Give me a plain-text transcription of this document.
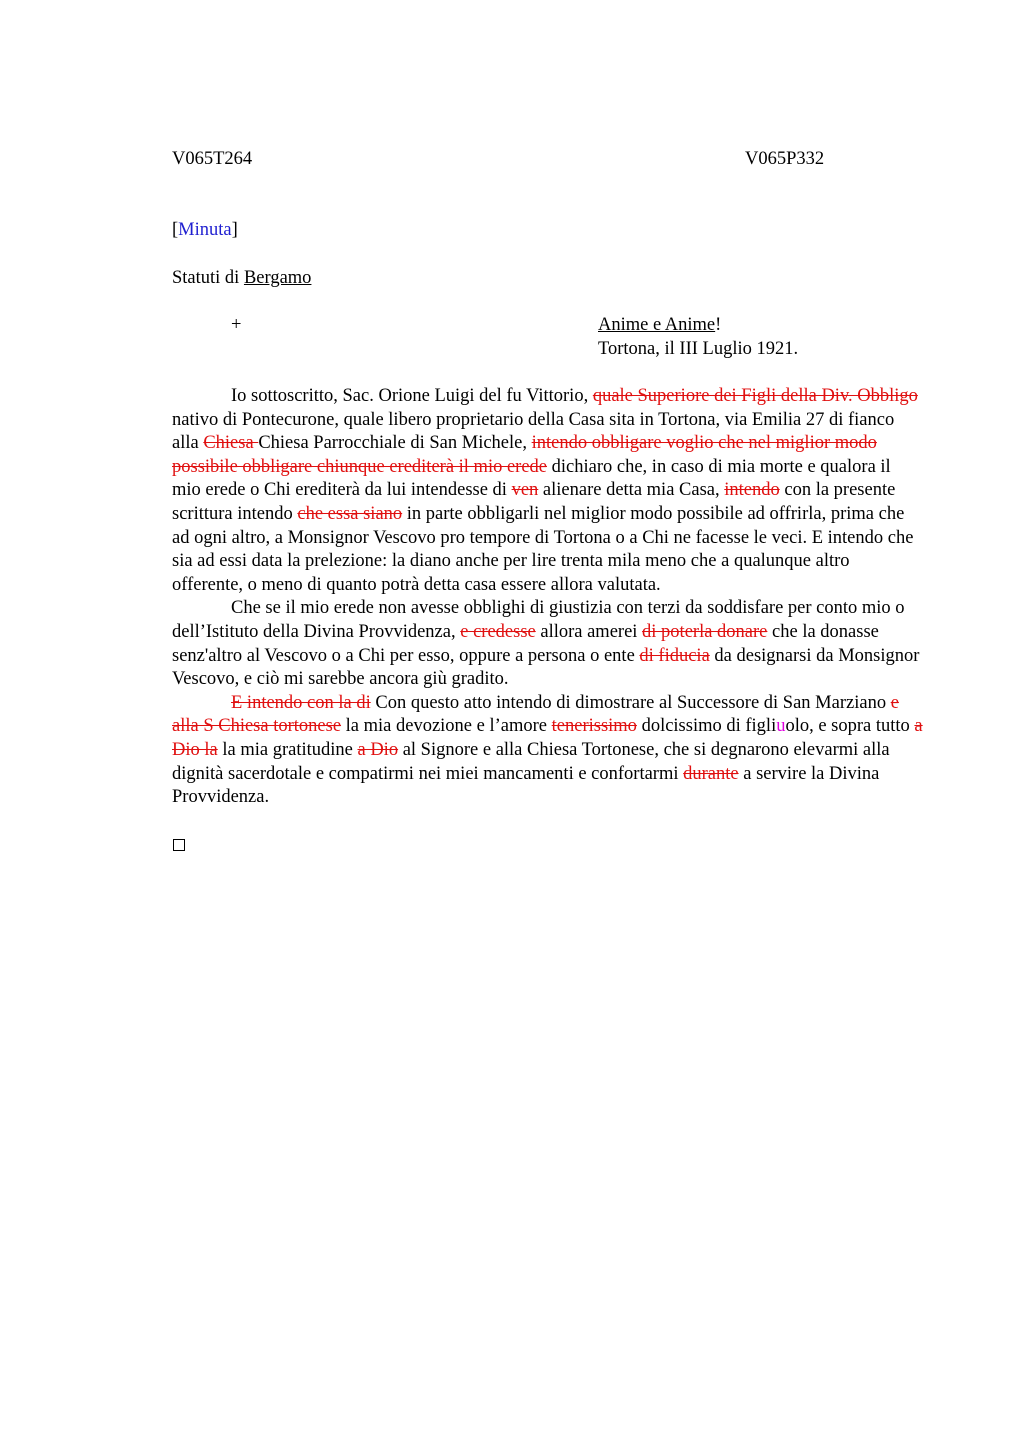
V065T264	V065P332
[Minuta]
Statuti di Bergamo
+	Anime e Anime!
Tortona, il III Luglio 1921.

Io sottoscritto, Sac. Orione Luigi del fu Vittorio, quale Superiore dei Figli della Div. Obbligo nativo di Pontecurone, quale libero proprietario della Casa sita in Tortona, via Emilia 27 di fianco alla Chiesa Chiesa Parrocchiale di San Michele, intendo obbligare voglio che nel miglior modo possibile obbligare chiunque erediterà il mio erede dichiaro che, in caso di mia morte e qualora il mio erede o Chi erediterà da lui intendesse di ven alienare detta mia Casa, intendo con la presente scrittura intendo che essa siano in parte obbligarli nel miglior modo possibile ad offrirla, prima che ad ogni altro, a Monsignor Vescovo pro tempore di Tortona o a Chi ne facesse le veci. E intendo che sia ad essi data la prelezione: la diano anche per lire trenta mila meno che a qualunque altro offerente, o meno di quanto potrà detta casa essere allora valutata.

Che se il mio erede non avesse obblighi di giustizia con terzi da soddisfare per conto mio o dell’Istituto della Divina Provvidenza, e credesse allora amerei di poterla donare che la donasse senz'altro al Vescovo o a Chi per esso, oppure a persona o ente di fiducia da designarsi da Monsignor Vescovo, e ciò mi sarebbe ancora giù gradito.

E intendo con la di Con questo atto intendo di dimostrare al Successore di San Marziano e alla S Chiesa tortonese la mia devozione e l’amore tenerissimo dolcissimo di figliuolo, e sopra tutto a Dio la la mia gratitudine a Dio al Signore e alla Chiesa Tortonese, che si degnarono elevarmi alla dignità sacerdotale e compatirmi nei miei mancamenti e confortarmi durante a servire la Divina Provvidenza.
